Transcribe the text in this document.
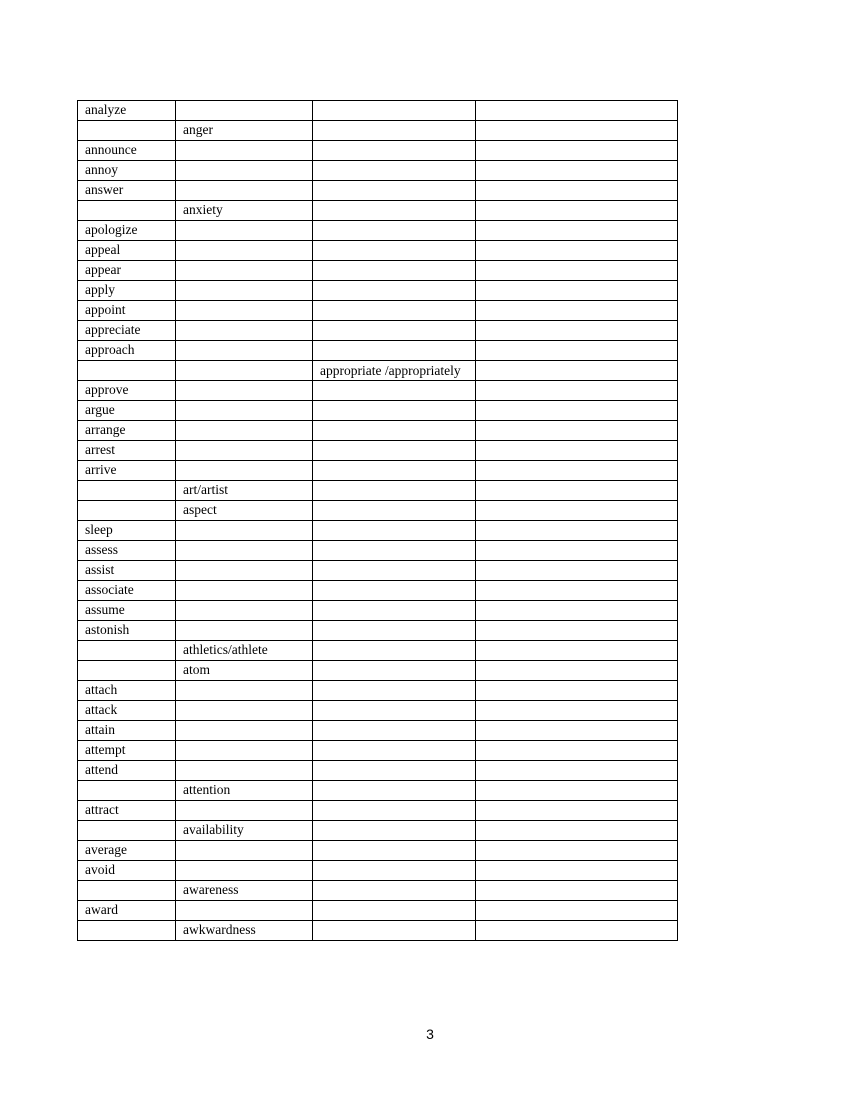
analyze			
	anger		
announce			
annoy			
answer			
	anxiety		
apologize			
appeal			
appear			
apply			
appoint			
appreciate			
approach			
		appropriate /appropriately	
approve			
argue			
arrange			
arrest			
arrive			
	art/artist		
	aspect		
sleep			
assess			
assist			
associate			
assume			
astonish			
	athletics/athlete		
	atom		
attach			
attack			
attain			
attempt			
attend			
	attention		
attract			
	availability		
average			
avoid			
	awareness		
award			
	awkwardness		
3
